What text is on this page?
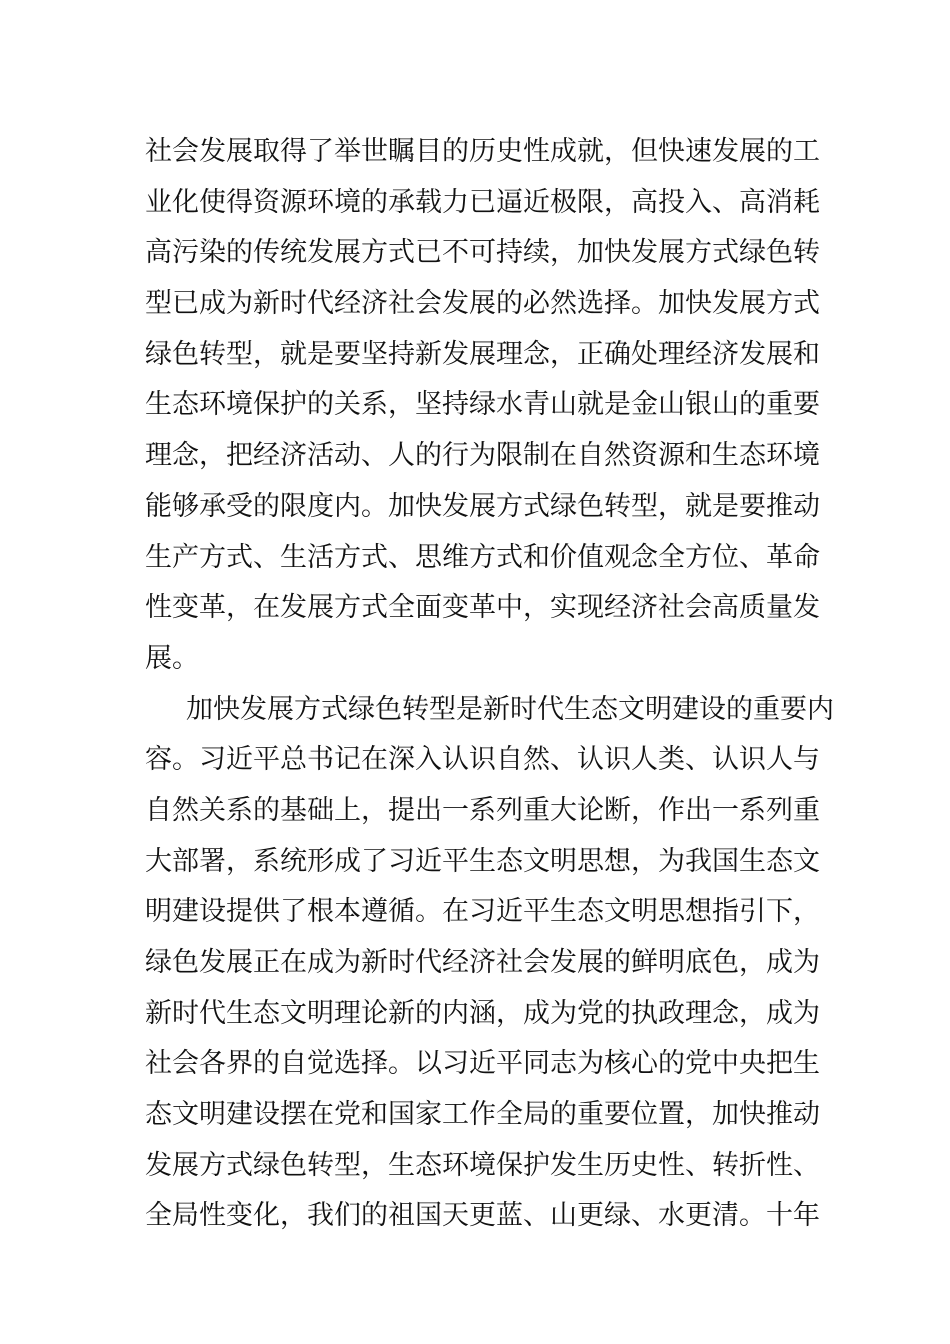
社会发展取得了举世瞩目的历史性成就，但快速发展的工
业化使得资源环境的承载力已逼近极限，高投入、高消耗
高污染的传统发展方式已不可持续，加快发展方式绿色转
型已成为新时代经济社会发展的必然选择。加快发展方式
绿色转型，就是要坚持新发展理念，正确处理经济发展和
生态环境保护的关系，坚持绿水青山就是金山银山的重要
理念，把经济活动、人的行为限制在自然资源和生态环境
能够承受的限度内。加快发展方式绿色转型，就是要推动
生产方式、生活方式、思维方式和价值观念全方位、革命
性变革，在发展方式全面变革中，实现经济社会高质量发
展。
加快发展方式绿色转型是新时代生态文明建设的重要内
容。习近平总书记在深入认识自然、认识人类、认识人与
自然关系的基础上，提出一系列重大论断，作出一系列重
大部署，系统形成了习近平生态文明思想，为我国生态文
明建设提供了根本遵循。在习近平生态文明思想指引下，
绿色发展正在成为新时代经济社会发展的鲜明底色，成为
新时代生态文明理论新的内涵，成为党的执政理念，成为
社会各界的自觉选择。以习近平同志为核心的党中央把生
态文明建设摆在党和国家工作全局的重要位置，加快推动
发展方式绿色转型，生态环境保护发生历史性、转折性、
全局性变化，我们的祖国天更蓝、山更绿、水更清。十年
